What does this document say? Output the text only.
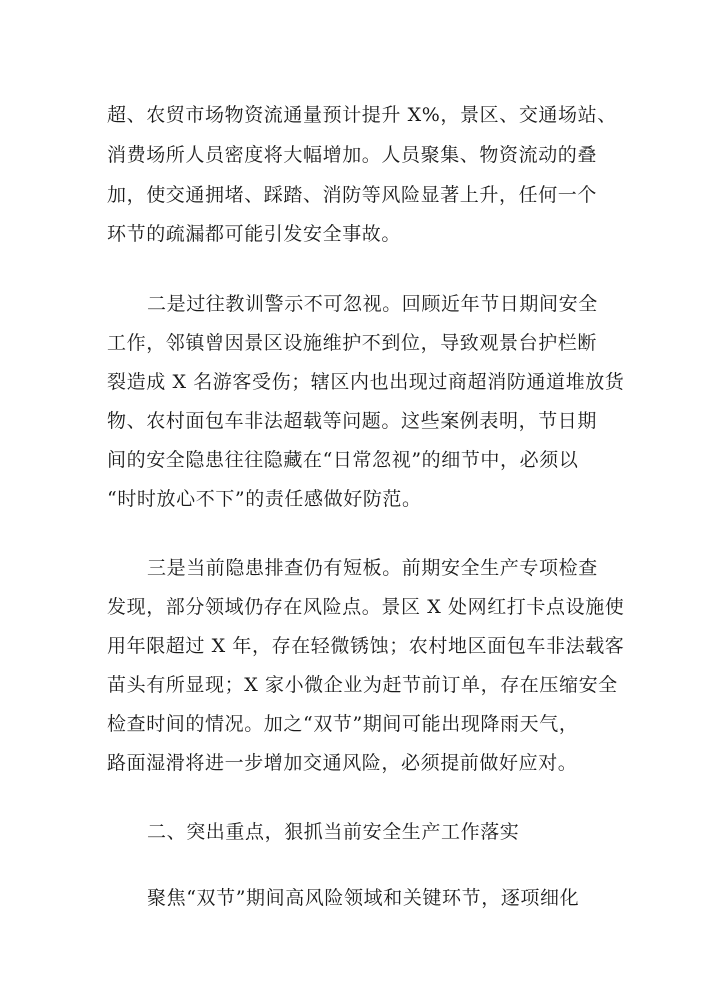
超、农贸市场物资流通量预计提升 X%，景区、交通场站、
消费场所人员密度将大幅增加。人员聚集、物资流动的叠
加，使交通拥堵、踩踏、消防等风险显著上升，任何一个
环节的疏漏都可能引发安全事故。
二是过往教训警示不可忽视。回顾近年节日期间安全
工作，邻镇曾因景区设施维护不到位，导致观景台护栏断
裂造成 X 名游客受伤；辖区内也出现过商超消防通道堆放货
物、农村面包车非法超载等问题。这些案例表明，节日期
间的安全隐患往往隐藏在“日常忽视”的细节中，必须以
“时时放心不下”的责任感做好防范。
三是当前隐患排查仍有短板。前期安全生产专项检查
发现，部分领域仍存在风险点。景区 X 处网红打卡点设施使
用年限超过 X 年，存在轻微锈蚀；农村地区面包车非法载客
苗头有所显现；X 家小微企业为赶节前订单，存在压缩安全
检查时间的情况。加之“双节”期间可能出现降雨天气，
路面湿滑将进一步增加交通风险，必须提前做好应对。
二、突出重点，狠抓当前安全生产工作落实
聚焦“双节”期间高风险领域和关键环节，逐项细化
